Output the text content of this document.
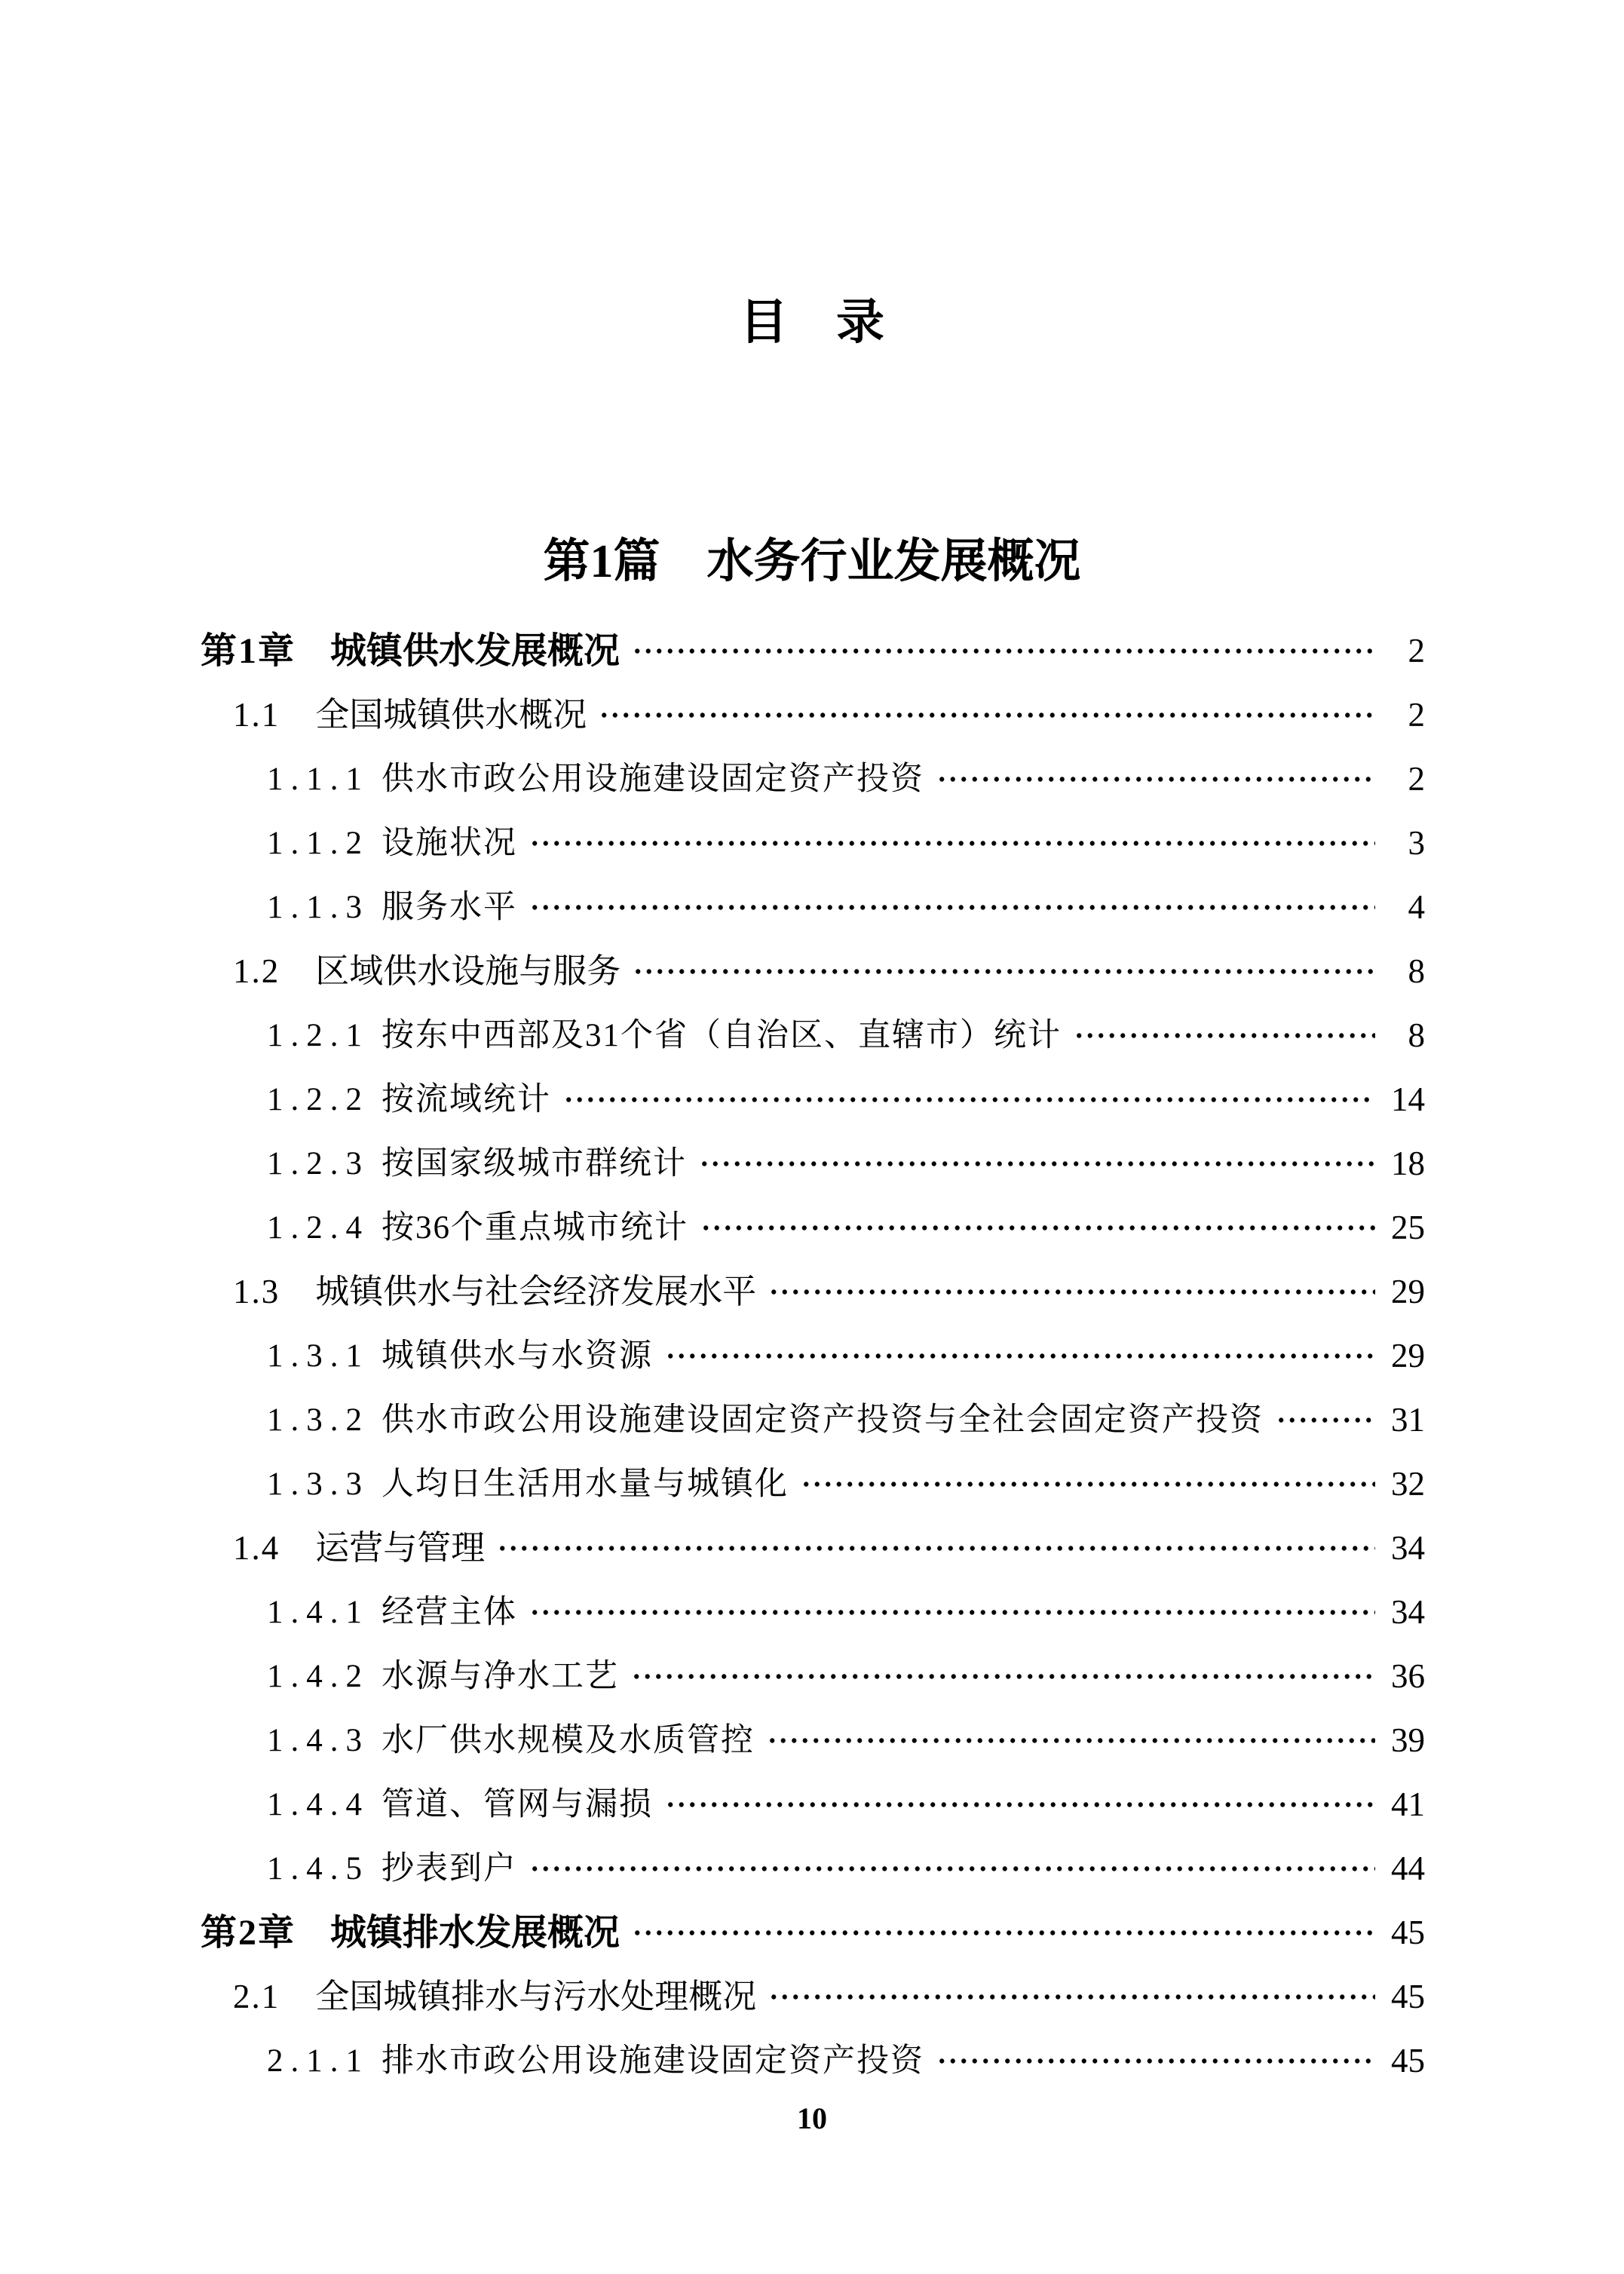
目　录
第1篇　水务行业发展概况
第1章 城镇供水发展概况	2
1.1 全国城镇供水概况	2
1.1.1 供水市政公用设施建设固定资产投资	2
1.1.2 设施状况	3
1.1.3 服务水平	4
1.2 区域供水设施与服务	8
1.2.1 按东中西部及31个省（自治区、直辖市）统计	8
1.2.2 按流域统计	14
1.2.3 按国家级城市群统计	18
1.2.4 按36个重点城市统计	25
1.3 城镇供水与社会经济发展水平	29
1.3.1 城镇供水与水资源	29
1.3.2 供水市政公用设施建设固定资产投资与全社会固定资产投资	31
1.3.3 人均日生活用水量与城镇化	32
1.4 运营与管理	34
1.4.1 经营主体	34
1.4.2 水源与净水工艺	36
1.4.3 水厂供水规模及水质管控	39
1.4.4 管道、管网与漏损	41
1.4.5 抄表到户	44
第2章 城镇排水发展概况	45
2.1 全国城镇排水与污水处理概况	45
2.1.1 排水市政公用设施建设固定资产投资	45
10
